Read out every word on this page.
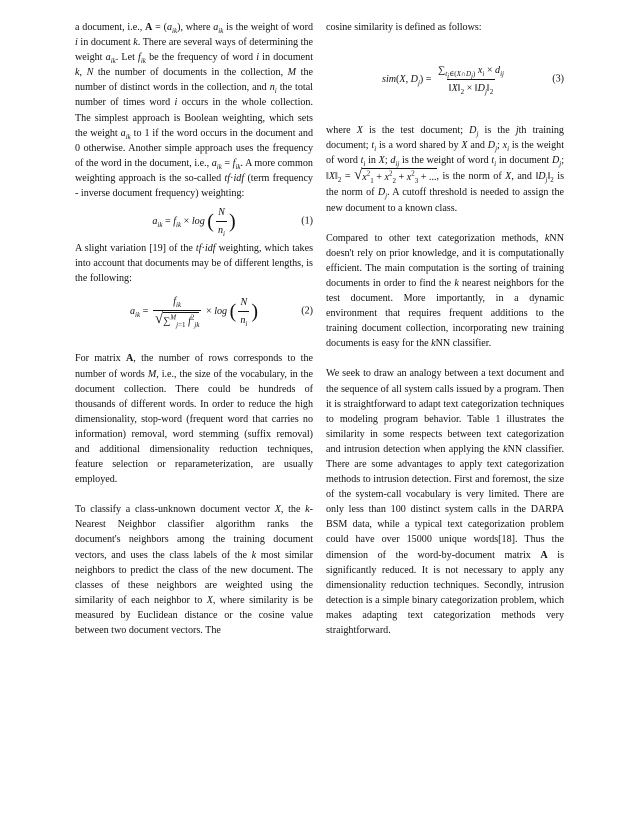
a document, i.e., $A = (a_{ik})$, where $a_{ik}$ is the weight of word i in document k. There are several ways of determining the weight $a_{ik}$. Let $f_{ik}$ be the frequency of word i in document k, N the number of documents in the collection, M the number of distinct words in the collection, and $n_i$ the total number of times word i occurs in the whole collection. The simplest approach is Boolean weighting, which sets the weight $a_{ik}$ to 1 if the word occurs in the document and 0 otherwise. Another simple approach uses the frequency of the word in the document, i.e., $a_{ik} = f_{ik}$. A more common weighting approach is the so-called tf·idf (term frequency - inverse document frequency) weighting:

$a_{ik} = f_{ik} \times \log$ ( $\frac{N}{n_i}$ )	(1)

A slight variation [19] of the tf·idf weighting, which takes into account that documents may be of different lengths, is the following:

$a_{ik} = \frac{f_{ik}}{√ \sum^M_{j=1} f^2_{jk}} \times \log$ ( $\frac{N}{n_i}$ )	(2)

For matrix A, the number of rows corresponds to the number of words M, i.e., the size of the vocabulary, in the document collection. There could be hundreds of thousands of different words. In order to reduce the high dimensionality, stop-word (frequent word that carries no information) removal, word stemming (suffix removal) and additional dimensionality reduction techniques, feature selection or reparameterization, are usually employed.

To classify a class-unknown document vector X, the k-Nearest Neighbor classifier algorithm ranks the document's neighbors among the training document vectors, and uses the class labels of the k most similar neighbors to predict the class of the new document. The classes of these neighbors are weighted using the similarity of each neighbor to X, where similarity is be measured by Euclidean distance or the cosine value between two document vectors. The

cosine similarity is defined as follows:

sim(X, $D_j) = \frac{\sum_{t_i\in(X\cap D_j)} x_i \times d_{ij}}{‖X‖_2 \times ‖D_j‖_2}$	(3)

where X is the test document; $D_j$ is the jth training document; $t_i$ is a word shared by X and $D_j$; $x_i$ is the weight of word $t_i$ in X; $d_{ij}$ is the weight of word $t_i$ in document $D_j$; $‖X‖_2$ = √ $x^2_1 + x^2_2 + x^2_3$ + ... , is the norm of X, and $‖D_j‖_2$ is the norm of $D_j$. A cutoff threshold is needed to assign the new document to a known class.

Compared to other text categorization methods, kNN doesn't rely on prior knowledge, and it is computationally efficient. The main computation is the sorting of training documents in order to find the k nearest neighbors for the test document. More importantly, in a dynamic environment that requires frequent additions to the training document collection, incorporating new training documents is easy for the kNN classifier.

We seek to draw an analogy between a text document and the sequence of all system calls issued by a program. Then it is straightforward to adapt text categorization techniques to modeling program behavior. Table 1 illustrates the similarity in some respects between text categorization and intrusion detection when applying the kNN classifier. There are some advantages to apply text categorization methods to intrusion detection. First and foremost, the size of the system-call vocabulary is very limited. There are only less than 100 distinct system calls in the DARPA BSM data, while a typical text categorization problem could have over 15000 unique words[18]. Thus the dimension of the word-by-document matrix A is significantly reduced. It is not necessary to apply any dimensionality reduction techniques. Secondly, intrusion detection is a simple binary categorization problem, which makes adapting text categorization methods very straightforward.
